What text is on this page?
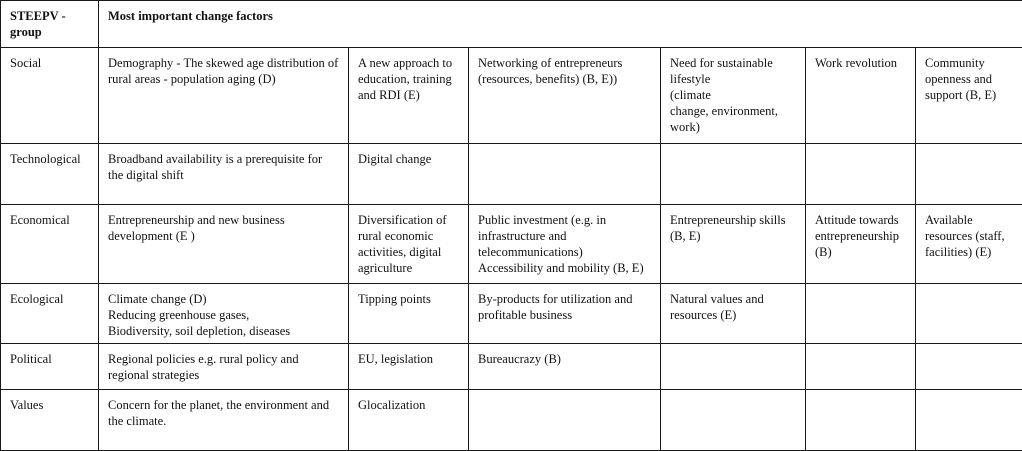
STEEPV -
group	Most important change factors					
Social	Demography - The skewed age distribution of rural areas - population aging (D)	A new approach to education, training and RDI (E)	Networking of entrepreneurs (resources, benefits) (B, E))	Need for sustainable lifestyle
(climate
change, environment, work)	Work revolution	Community openness and support (B, E)
Technological	Broadband availability is a prerequisite for the digital shift	Digital change				
Economical	Entrepreneurship and new business development (E )	Diversification of rural economic activities, digital agriculture	Public investment (e.g. in infrastructure and telecommunications)
Accessibility and mobility (B, E)	Entrepreneurship skills (B, E)	Attitude towards entrepreneurship (B)	Available resources (staff, facilities) (E)
Ecological	Climate change (D)
Reducing greenhouse gases,
Biodiversity, soil depletion, diseases	Tipping points	By-products for utilization and profitable business	Natural values and resources (E)		
Political	Regional policies e.g. rural policy and regional strategies	EU, legislation	Bureaucrazy (B)			
Values	Concern for the planet, the environment and the climate.	Glocalization				
